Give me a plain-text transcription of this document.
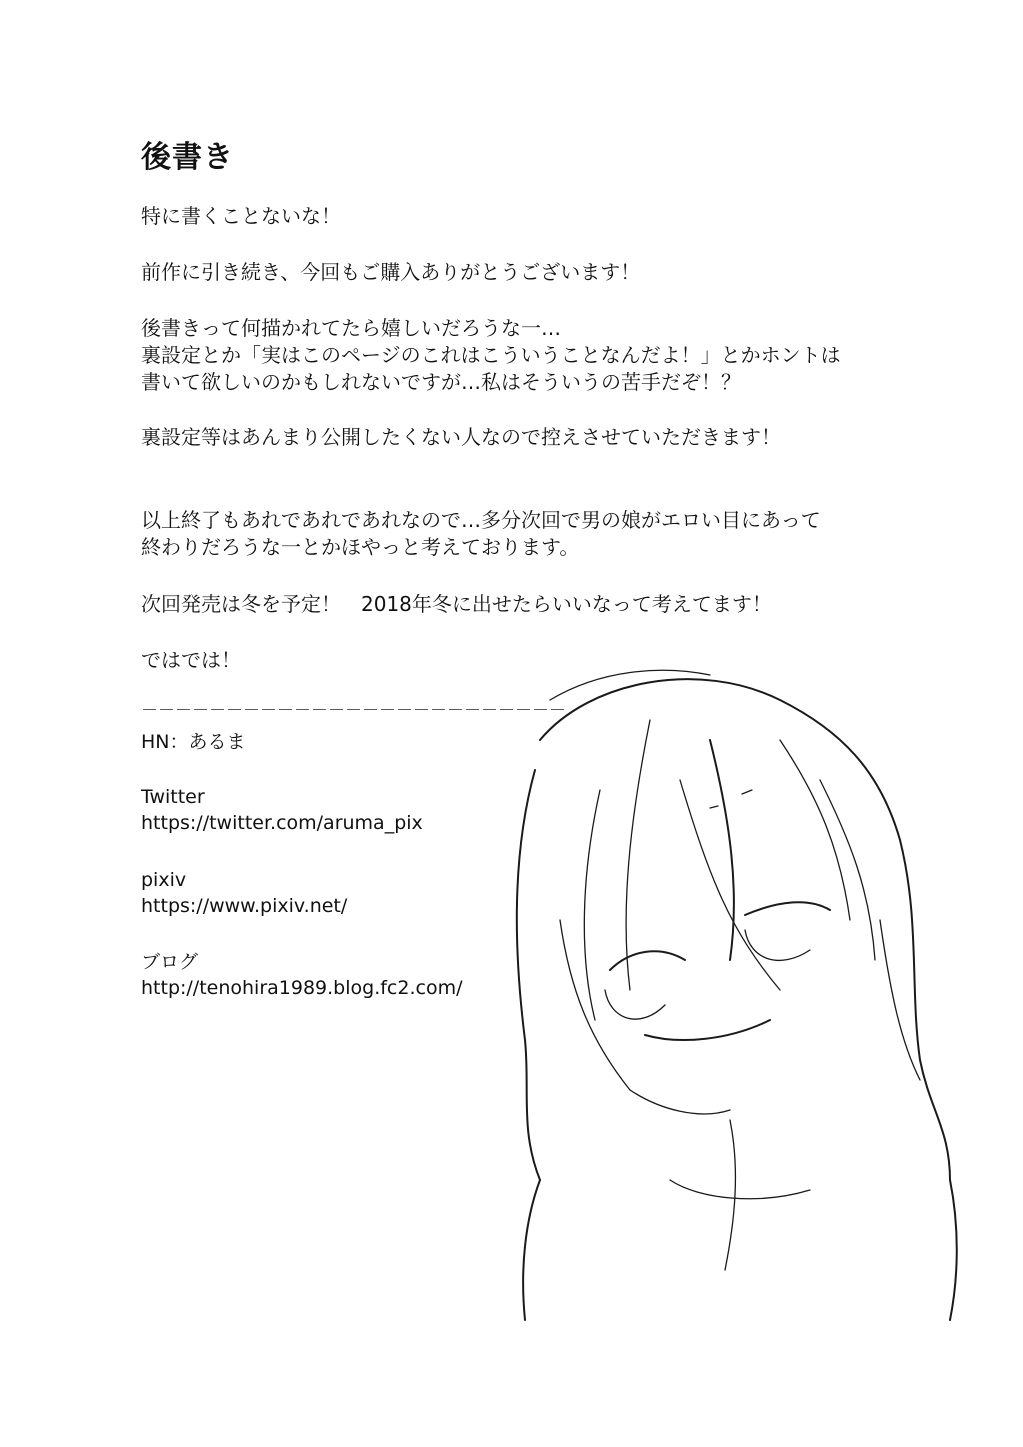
後書き
特に書くことないな！
前作に引き続き、今回もご購入ありがとうございます！
後書きって何描かれてたら嬉しいだろうな一…
裏設定とか「実はこのページのこれはこういうことなんだよ！」とかホントは
書いて欲しいのかもしれないですが…私はそういうの苦手だぞ！？
裏設定等はあんまり公開したくない人なので控えさせていただきます！
以上終了もあれであれであれなので…多分次回で男の娘がエロい目にあって
終わりだろうな一とかほやっと考えております。
次回発売は冬を予定！　2018年冬に出せたらいいなって考えてます！
ではでは！
－－－－－－－－－－－－－－－－－－－－－－－－－
HN：あるま
Twitter
https://twitter.com/aruma_pix
pixiv
https://www.pixiv.net/
ブログ
http://tenohira1989.blog.fc2.com/
